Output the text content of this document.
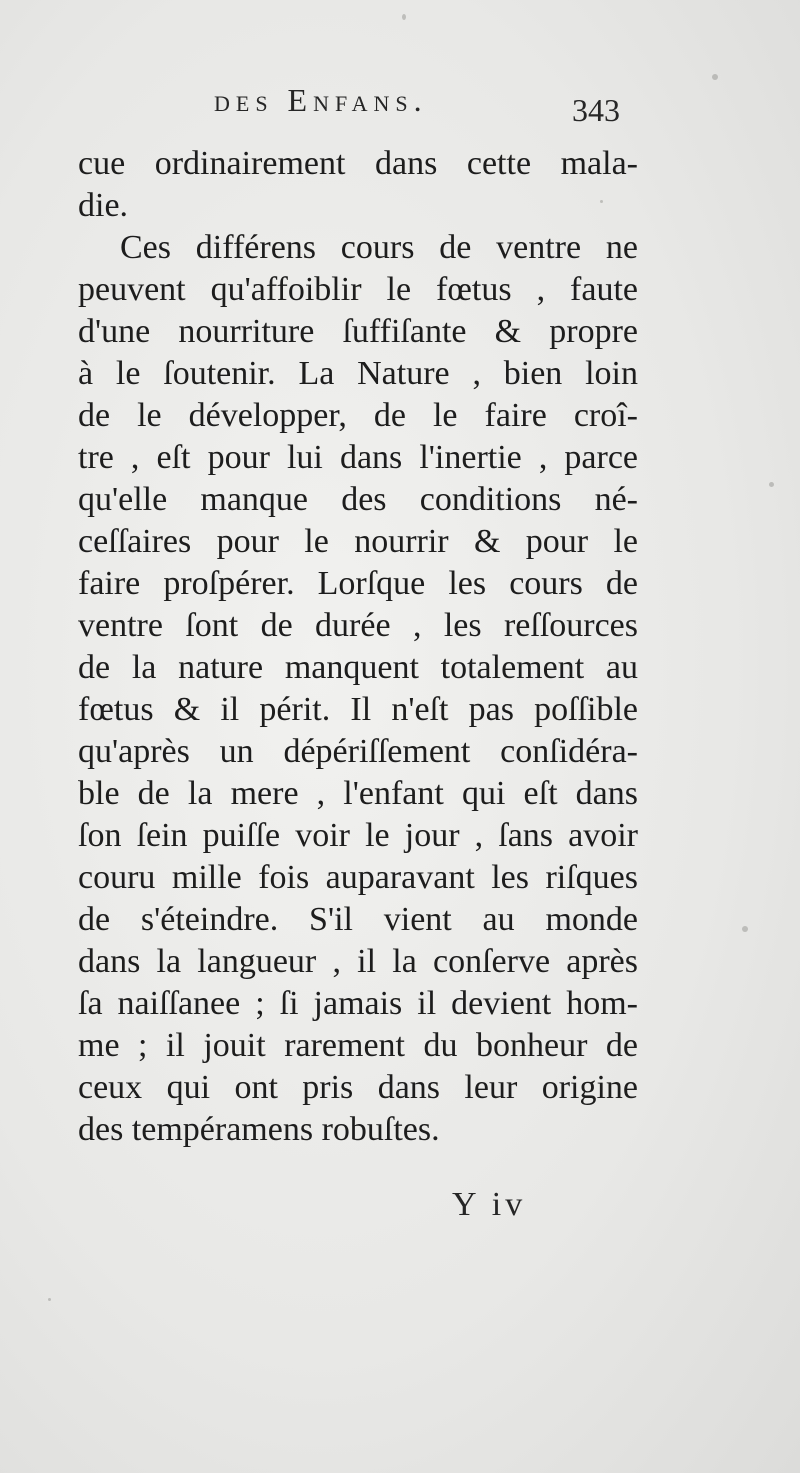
des Enfans.	343
cue ordinairement dans cette mala-
die.
Ces différens cours de ventre ne
peuvent qu'affoiblir le fœtus , faute
d'une nourriture ſuffiſante & propre
à le ſoutenir. La Nature , bien loin
de le développer, de le faire croî-
tre , eſt pour lui dans l'inertie , parce
qu'elle manque des conditions né-
ceſſaires pour le nourrir & pour le
faire proſpérer. Lorſque les cours de
ventre ſont de durée , les reſſources
de la nature manquent totalement au
fœtus & il périt. Il n'eſt pas poſſible
qu'après un dépériſſement conſidéra-
ble de la mere , l'enfant qui eſt dans
ſon ſein puiſſe voir le jour , ſans avoir
couru mille fois auparavant les riſques
de s'éteindre. S'il vient au monde
dans la langueur , il la conſerve après
ſa naiſſanee ; ſi jamais il devient hom-
me ; il jouit rarement du bonheur de
ceux qui ont pris dans leur origine
des tempéramens robuſtes.
Y iv
